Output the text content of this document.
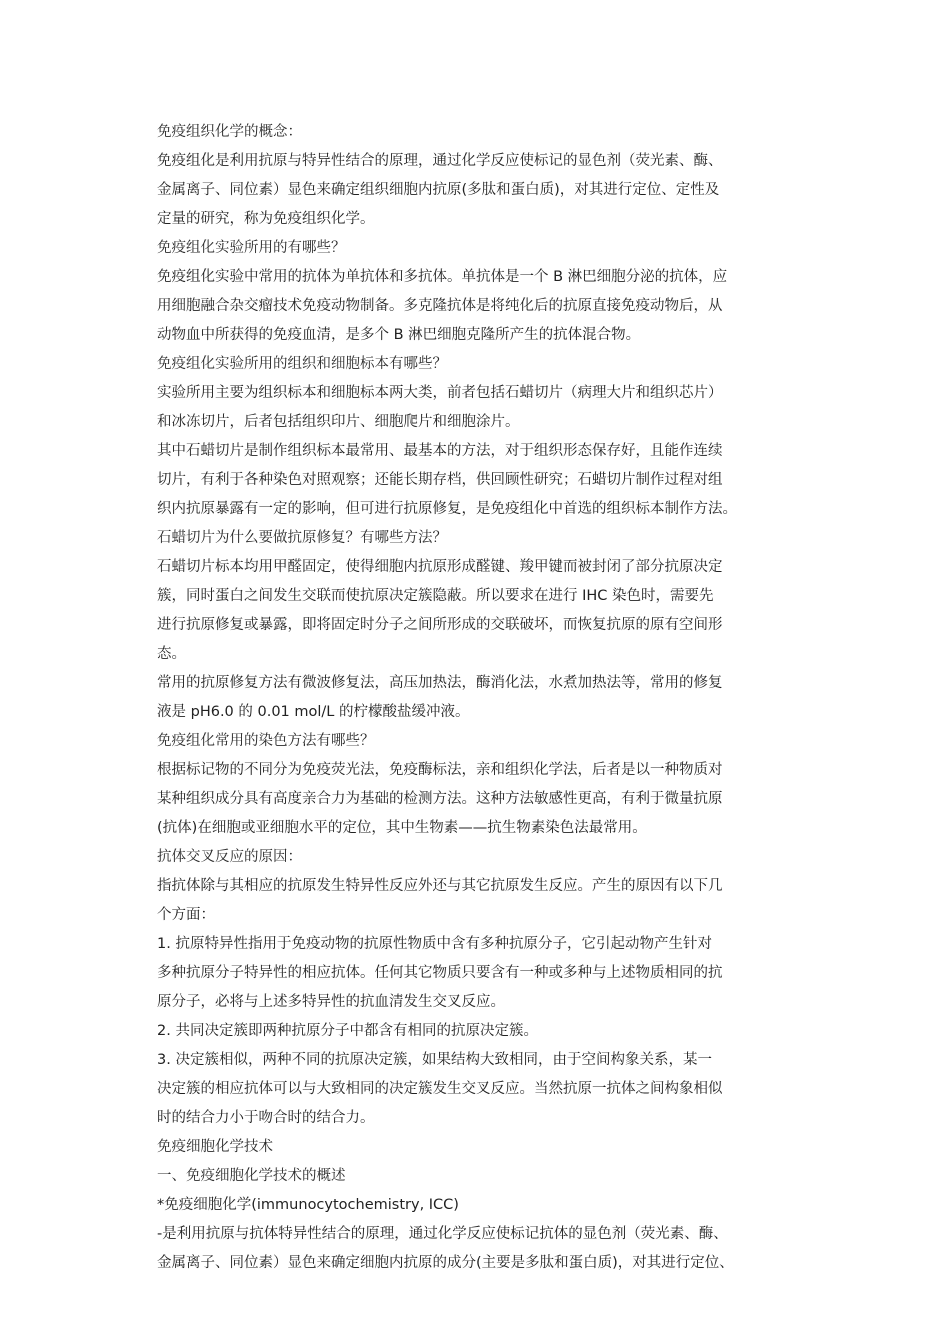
免疫组织化学的概念：
免疫组化是利用抗原与特异性结合的原理，通过化学反应使标记的显色剂（荧光素、酶、
金属离子、同位素）显色来确定组织细胞内抗原(多肽和蛋白质)，对其进行定位、定性及
定量的研究，称为免疫组织化学。
免疫组化实验所用的有哪些？
免疫组化实验中常用的抗体为单抗体和多抗体。单抗体是一个 B 淋巴细胞分泌的抗体，应
用细胞融合杂交瘤技术免疫动物制备。多克隆抗体是将纯化后的抗原直接免疫动物后，从
动物血中所获得的免疫血清，是多个 B 淋巴细胞克隆所产生的抗体混合物。
免疫组化实验所用的组织和细胞标本有哪些？
实验所用主要为组织标本和细胞标本两大类，前者包括石蜡切片（病理大片和组织芯片）
和冰冻切片，后者包括组织印片、细胞爬片和细胞涂片。
其中石蜡切片是制作组织标本最常用、最基本的方法，对于组织形态保存好，且能作连续
切片，有利于各种染色对照观察；还能长期存档，供回顾性研究；石蜡切片制作过程对组
织内抗原暴露有一定的影响，但可进行抗原修复，是免疫组化中首选的组织标本制作方法。
石蜡切片为什么要做抗原修复？有哪些方法？
石蜡切片标本均用甲醛固定，使得细胞内抗原形成醛键、羧甲键而被封闭了部分抗原决定
簇，同时蛋白之间发生交联而使抗原决定簇隐蔽。所以要求在进行 IHC 染色时，需要先
进行抗原修复或暴露，即将固定时分子之间所形成的交联破坏，而恢复抗原的原有空间形
态。
常用的抗原修复方法有微波修复法，高压加热法，酶消化法，水煮加热法等，常用的修复
液是 pH6.0 的 0.01 mol/L 的柠檬酸盐缓冲液。
免疫组化常用的染色方法有哪些？
根据标记物的不同分为免疫荧光法，免疫酶标法，亲和组织化学法，后者是以一种物质对
某种组织成分具有高度亲合力为基础的检测方法。这种方法敏感性更高，有利于微量抗原
(抗体)在细胞或亚细胞水平的定位，其中生物素——抗生物素染色法最常用。
抗体交叉反应的原因：
指抗体除与其相应的抗原发生特异性反应外还与其它抗原发生反应。产生的原因有以下几
个方面：
1. 抗原特异性指用于免疫动物的抗原性物质中含有多种抗原分子，它引起动物产生针对
多种抗原分子特异性的相应抗体。任何其它物质只要含有一种或多种与上述物质相同的抗
原分子，必将与上述多特异性的抗血清发生交叉反应。
2. 共同决定簇即两种抗原分子中都含有相同的抗原决定簇。
3. 决定簇相似，两种不同的抗原决定簇，如果结构大致相同，由于空间构象关系，某一
决定簇的相应抗体可以与大致相同的决定簇发生交叉反应。当然抗原一抗体之间构象相似
时的结合力小于吻合时的结合力。
免疫细胞化学技术
一、免疫细胞化学技术的概述
*免疫细胞化学(immunocytochemistry, ICC)
-是利用抗原与抗体特异性结合的原理，通过化学反应使标记抗体的显色剂（荧光素、酶、
金属离子、同位素）显色来确定细胞内抗原的成分(主要是多肽和蛋白质)，对其进行定位、
